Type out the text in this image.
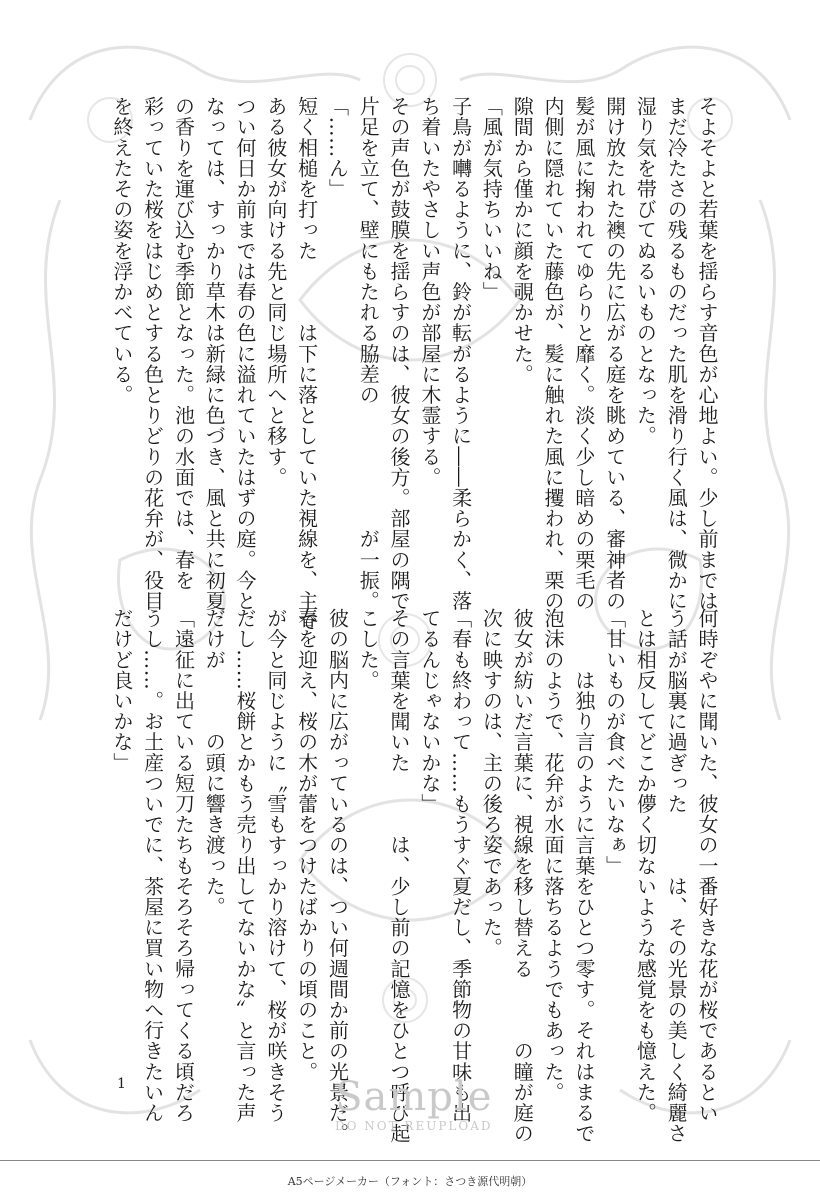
そよそよと若葉を揺らす音色が心地よい。少し前までは

まだ冷たさの残るものだった肌を滑り行く風は、微かに

湿り気を帯びてぬるいものとなった。

開け放たれた襖の先に広がる庭を眺めている、審神者の

髪が風に掬われてゆらりと靡く。淡く少し暗めの栗毛の

内側に隠れていた藤色が、髪に触れた風に攫われ、栗の

隙間から僅かに顔を覗かせた。

「風が気持ちいいね」

子鳥が囀るように、鈴が転がるように――柔らかく、落

ち着いたやさしい声色が部屋に木霊する。

その声色が鼓膜を揺らすのは、彼女の後方。部屋の隅で

片足を立て、壁にもたれる脇差の　　　　　　が一振。

「……ん」

短く相槌を打った　　　は下に落としていた視線を、主で

ある彼女が向ける先と同じ場所へと移す。

つい何日か前までは春の色に溢れていたはずの庭。今と

なっては、すっかり草木は新緑に色づき、風と共に初夏

の香りを運び込む季節となった。池の水面では、春を

彩っていた桜をはじめとする色とりどりの花弁が、役目

を終えたその姿を浮かべている。

何時ぞやに聞いた、彼女の一番好きな花が桜であるとい

う話が脳裏に過ぎった　　　は、その光景の美しく綺麗さ

とは相反してどこか儚く切ないような感覚をも憶えた。

「甘いものが食べたいなぁ」

　　　は独り言のように言葉をひとつ零す。それはまるで

泡沫のようで、花弁が水面に落ちるようでもあった。

彼女が紡いだ言葉に、視線を移し替える　　　の瞳が庭の

次に映すのは、主の後ろ姿であった。

「春も終わって……もうすぐ夏だし、季節物の甘味も出

てるんじゃないかな」

その言葉を聞いた　　　は、少し前の記憶をひとつ呼び起

こした。

彼の脳内に広がっているのは、つい何週間か前の光景だ。

春を迎え、桜の木が蕾をつけたばかりの頃のこと。

が今と同じように〝雪もすっかり溶けて、桜が咲きそう

だし……桜餅とかもう売り出してないかな〟と言った声

だけが　　　の頭に響き渡った。

「遠征に出ている短刀たちもそろそろ帰ってくる頃だろ

うし……。お土産ついでに、茶屋に買い物へ行きたいん

だけど良いかな」

1	Sample
DO NOT REUPLOAD
A5ページメーカー（フォント：さつき源代明朝）
